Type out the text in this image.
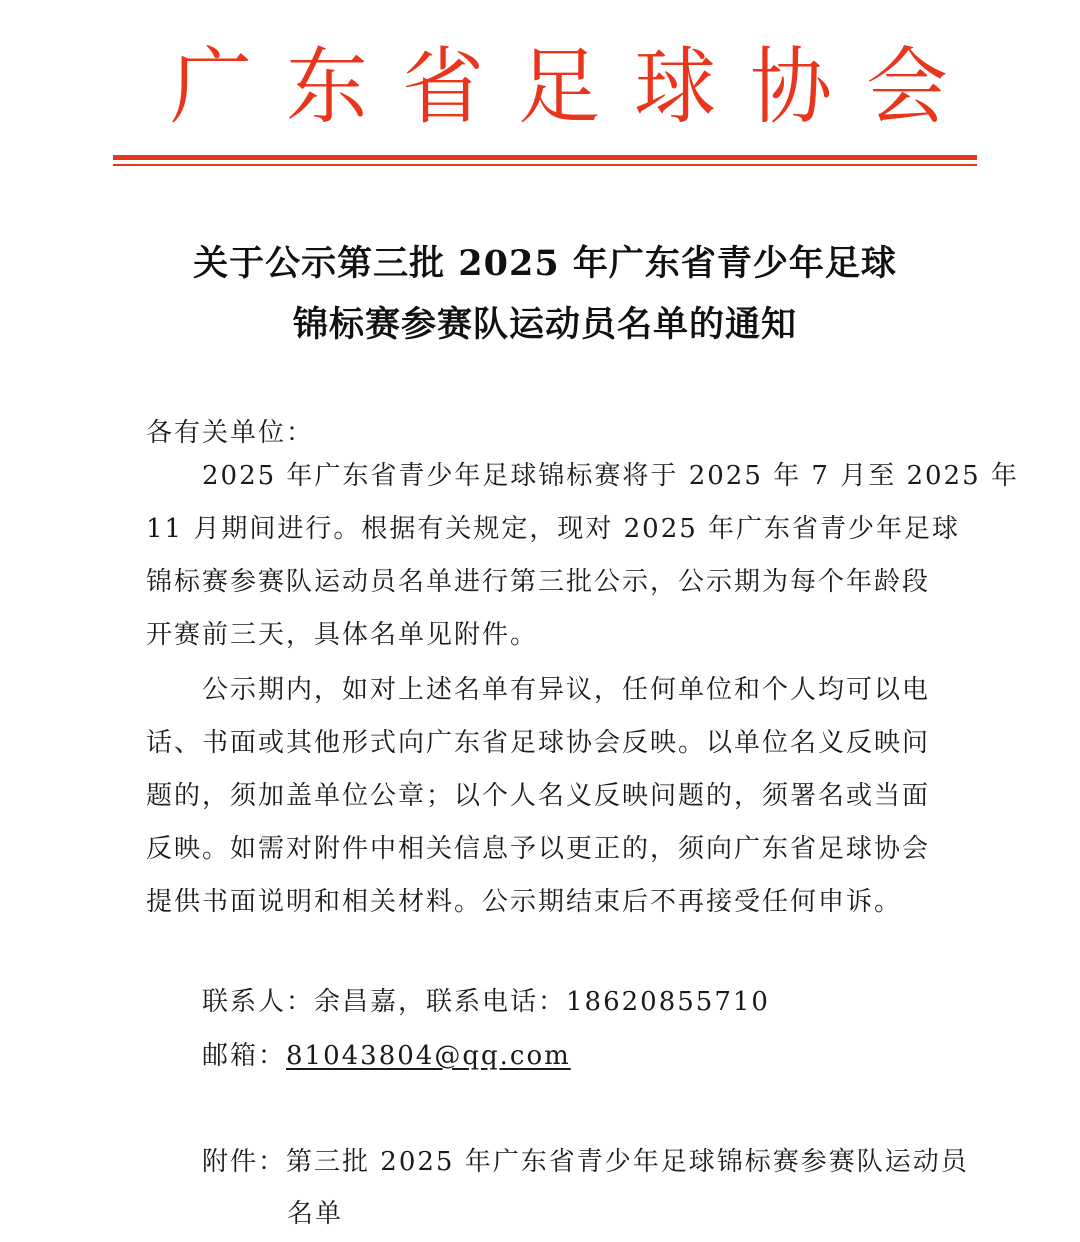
广 东 省 足 球 协 会
关于公示第三批 2025 年广东省青少年足球
锦标赛参赛队运动员名单的通知
各有关单位：
2025 年广东省青少年足球锦标赛将于 2025 年 7 月至 2025 年
11 月期间进行。根据有关规定，现对 2025 年广东省青少年足球
锦标赛参赛队运动员名单进行第三批公示，公示期为每个年龄段
开赛前三天，具体名单见附件。
公示期内，如对上述名单有异议，任何单位和个人均可以电
话、书面或其他形式向广东省足球协会反映。以单位名义反映问
题的，须加盖单位公章；以个人名义反映问题的，须署名或当面
反映。如需对附件中相关信息予以更正的，须向广东省足球协会
提供书面说明和相关材料。公示期结束后不再接受任何申诉。
联系人：余昌嘉，联系电话：18620855710
邮箱：81043804@qq.com
附件：第三批 2025 年广东省青少年足球锦标赛参赛队运动员
名单
